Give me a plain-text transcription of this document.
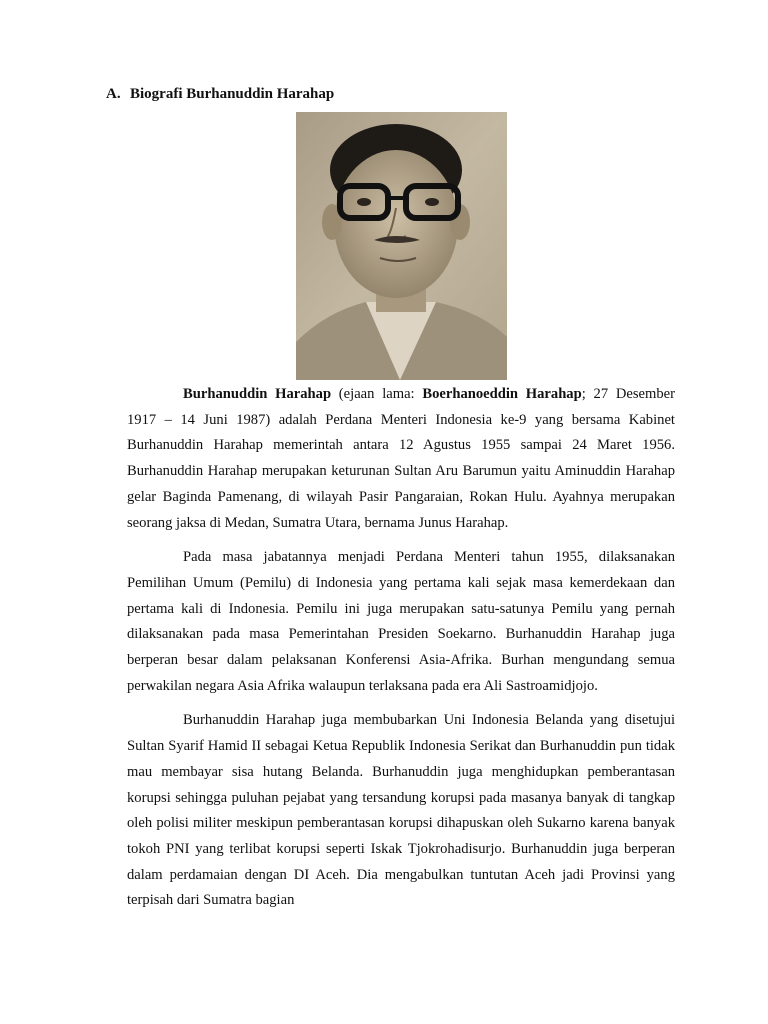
A. Biografi Burhanuddin Harahap

Burhanuddin Harahap (ejaan lama: Boerhanoeddin Harahap; 27 Desember 1917 – 14 Juni 1987) adalah Perdana Menteri Indonesia ke-9 yang bersama Kabinet Burhanuddin Harahap memerintah antara 12 Agustus 1955 sampai 24 Maret 1956. Burhanuddin Harahap merupakan keturunan Sultan Aru Barumun yaitu Aminuddin Harahap gelar Baginda Pamenang, di wilayah Pasir Pangaraian, Rokan Hulu. Ayahnya merupakan seorang jaksa di Medan, Sumatra Utara, bernama Junus Harahap.

Pada masa jabatannya menjadi Perdana Menteri tahun 1955, dilaksanakan Pemilihan Umum (Pemilu) di Indonesia yang pertama kali sejak masa kemerdekaan dan pertama kali di Indonesia. Pemilu ini juga merupakan satu-satunya Pemilu yang pernah dilaksanakan pada masa Pemerintahan Presiden Soekarno. Burhanuddin Harahap juga berperan besar dalam pelaksanan Konferensi Asia-Afrika. Burhan mengundang semua perwakilan negara Asia Afrika walaupun terlaksana pada era Ali Sastroamidjojo.

Burhanuddin Harahap juga membubarkan Uni Indonesia Belanda yang disetujui Sultan Syarif Hamid II sebagai Ketua Republik Indonesia Serikat dan Burhanuddin pun tidak mau membayar sisa hutang Belanda. Burhanuddin juga menghidupkan pemberantasan korupsi sehingga puluhan pejabat yang tersandung korupsi pada masanya banyak di tangkap oleh polisi militer meskipun pemberantasan korupsi dihapuskan oleh Sukarno karena banyak tokoh PNI yang terlibat korupsi seperti Iskak Tjokrohadisurjo. Burhanuddin juga berperan dalam perdamaian dengan DI Aceh. Dia mengabulkan tuntutan Aceh jadi Provinsi yang terpisah dari Sumatra bagian
